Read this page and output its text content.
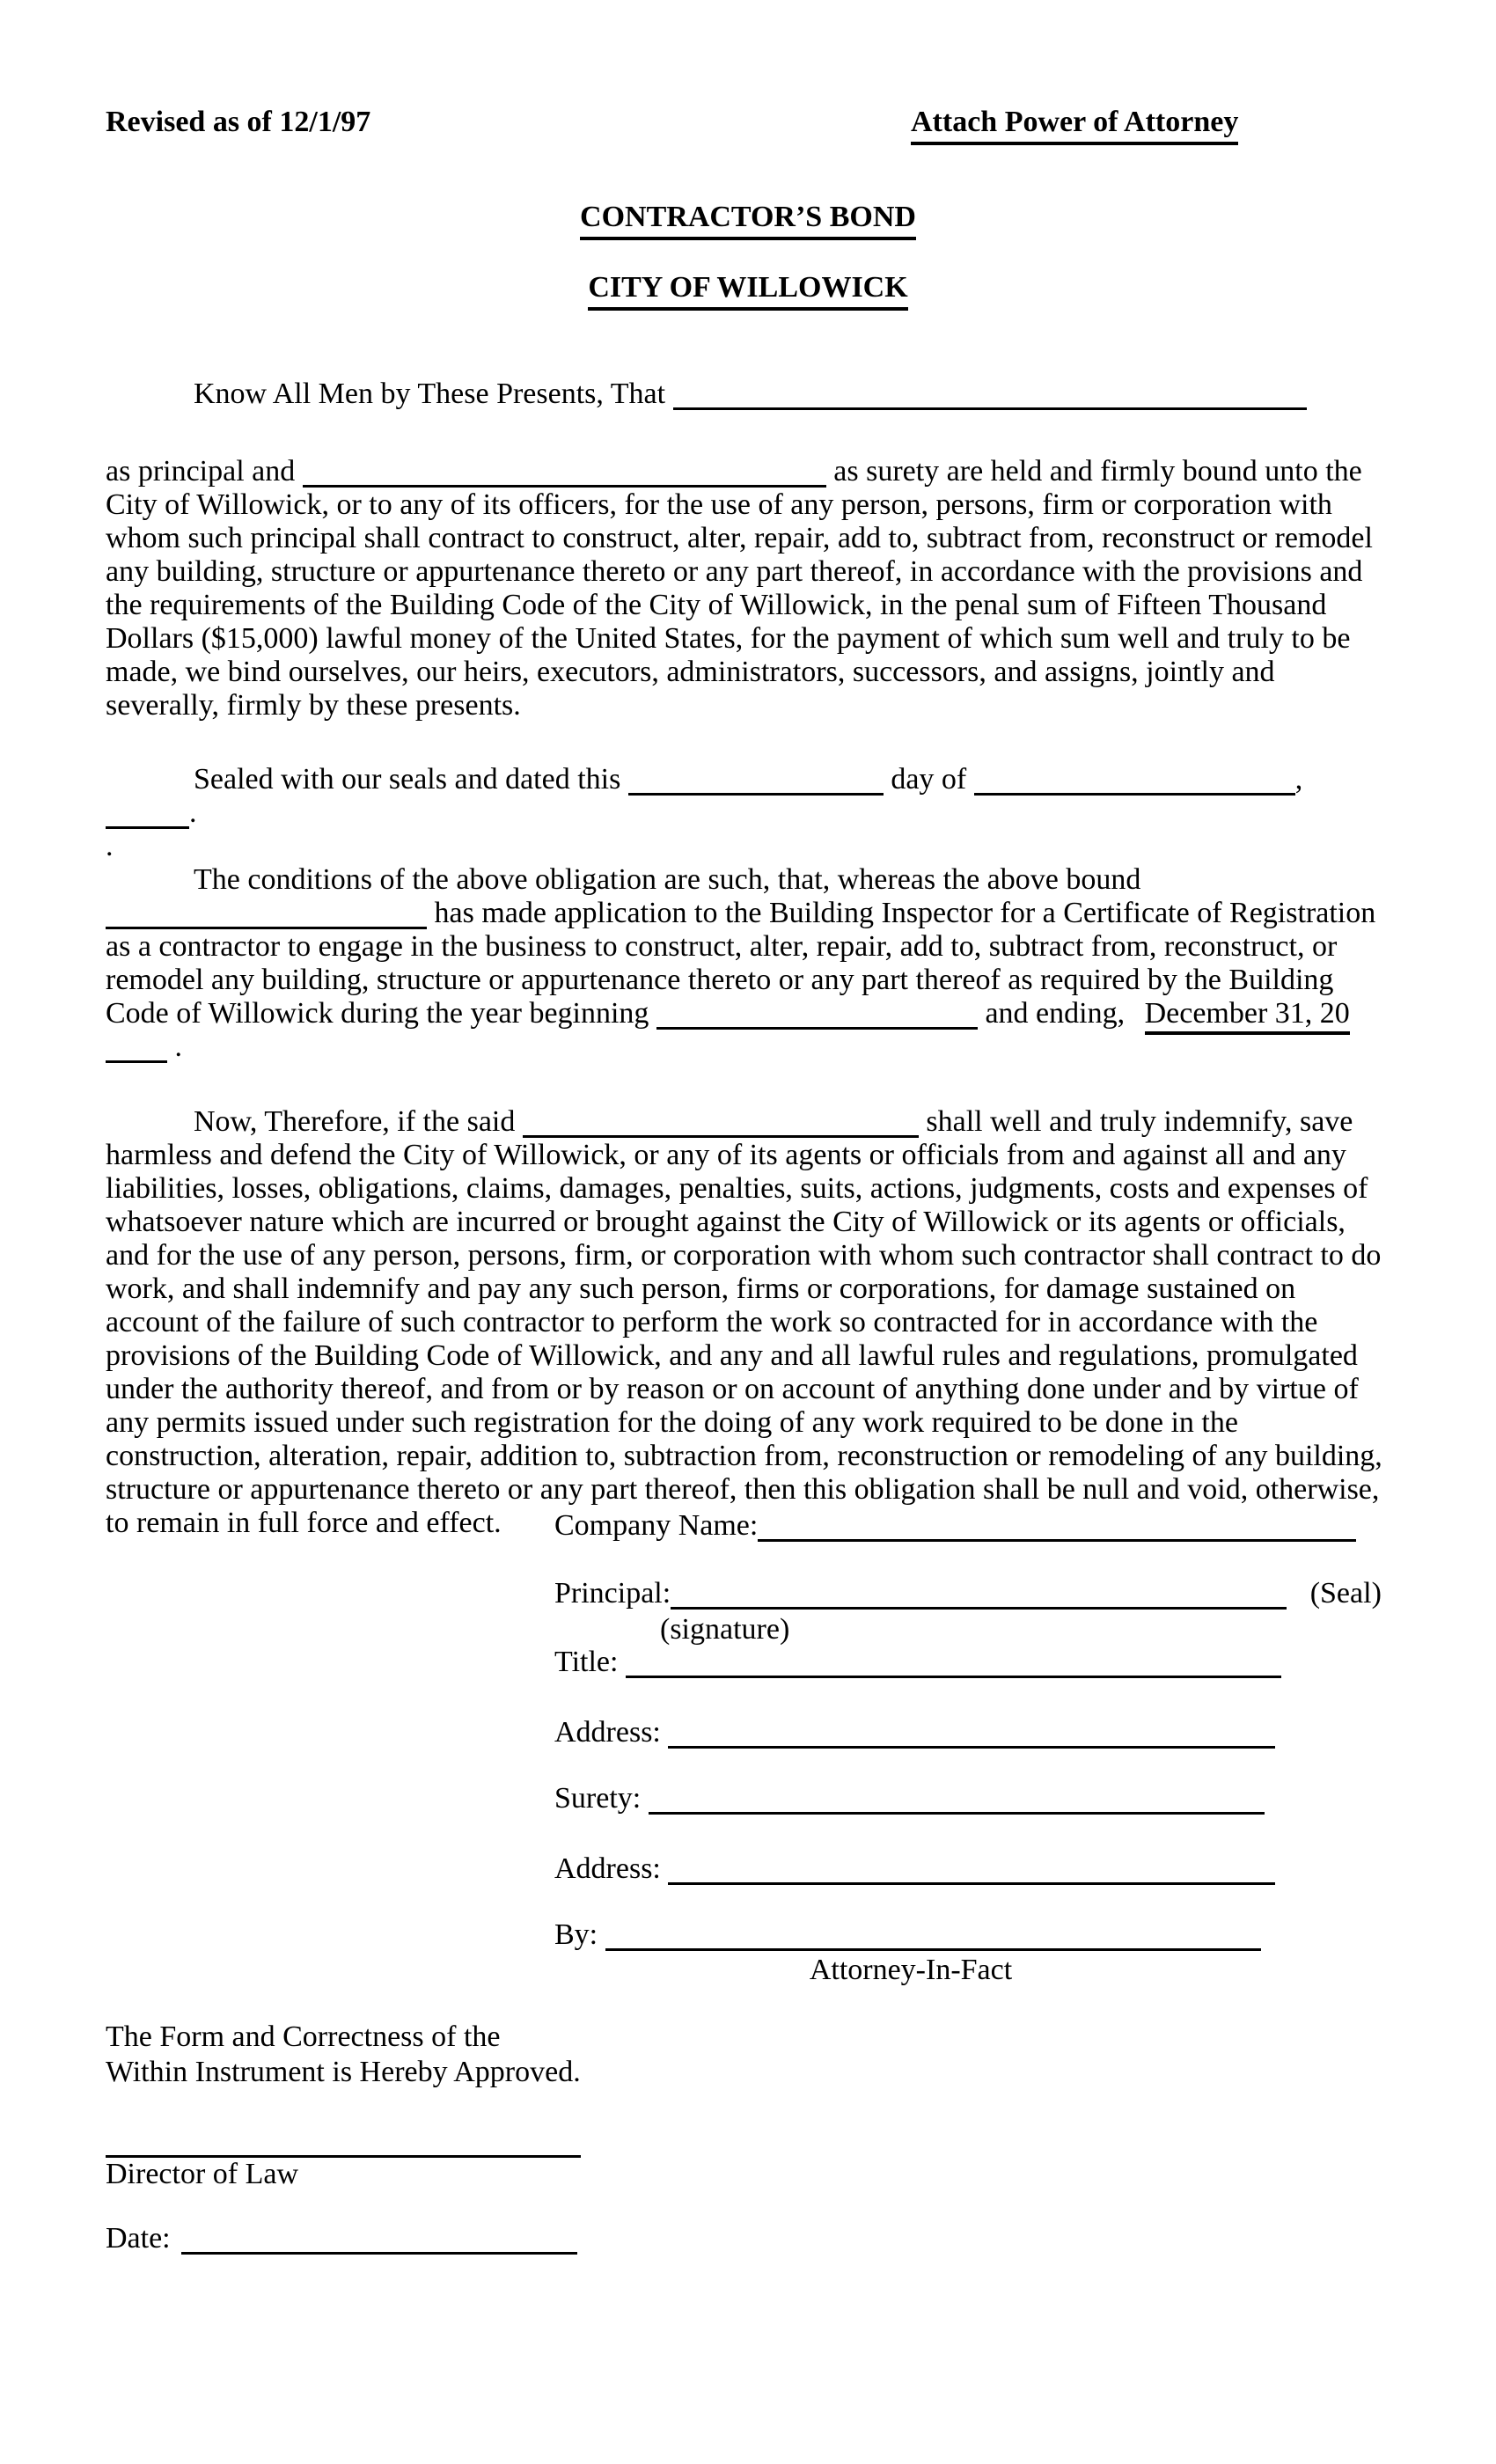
Revised as of 12/1/97	Attach Power of Attorney
CONTRACTOR’S BOND
CITY OF WILLOWICK

Know All Men by These Presents, That

as principal and	as surety are held and firmly bound unto the City of Willowick, or to any of its officers, for the use of any person, persons, firm or corporation with whom such principal shall contract to construct, alter, repair, add to, subtract from, reconstruct or remodel any building, structure or appurtenance thereto or any part thereof, in accordance with the provisions and the requirements of the Building Code of the City of Willowick, in the penal sum of Fifteen Thousand Dollars ($15,000) lawful money of the United States, for the payment of which sum well and truly to be made, we bind ourselves, our heirs, executors, administrators, successors, and assigns, jointly and severally, firmly by these presents.

Sealed with our seals and dated this	day of	,
.
.

The conditions of the above obligation are such, that, whereas the above bound
has made application to the Building Inspector for a Certificate of Registration as a contractor to engage in the business to construct, alter, repair, add to, subtract from, reconstruct, or remodel any building, structure or appurtenance thereto or any part thereof as required by the Building Code of Willowick during the year beginning	and ending, December 31, 20 .

Now, Therefore, if the said	shall well and truly indemnify, save harmless and defend the City of Willowick, or any of its agents or officials from and against all and any liabilities, losses, obligations, claims, damages, penalties, suits, actions, judgments, costs and expenses of whatsoever nature which are incurred or brought against the City of Willowick or its agents or officials, and for the use of any person, persons, firm, or corporation with whom such contractor shall contract to do work, and shall indemnify and pay any such person, firms or corporations, for damage sustained on account of the failure of such contractor to perform the work so contracted for in accordance with the provisions of the Building Code of Willowick, and any and all lawful rules and regulations, promulgated under the authority thereof, and from or by reason or on account of anything done under and by virtue of any permits issued under such registration for the doing of any work required to be done in the construction, alteration, repair, addition to, subtraction from, reconstruction or remodeling of any building, structure or appurtenance thereto or any part thereof, then this obligation shall be null and void, otherwise, to remain in full force and effect.	Company Name:
Principal:	(Seal)
(signature)
Title:
Address:
Surety:
Address:
By:
Attorney-In-Fact
The Form and Correctness of the
Within Instrument is Hereby Approved.
Director of Law
Date:
